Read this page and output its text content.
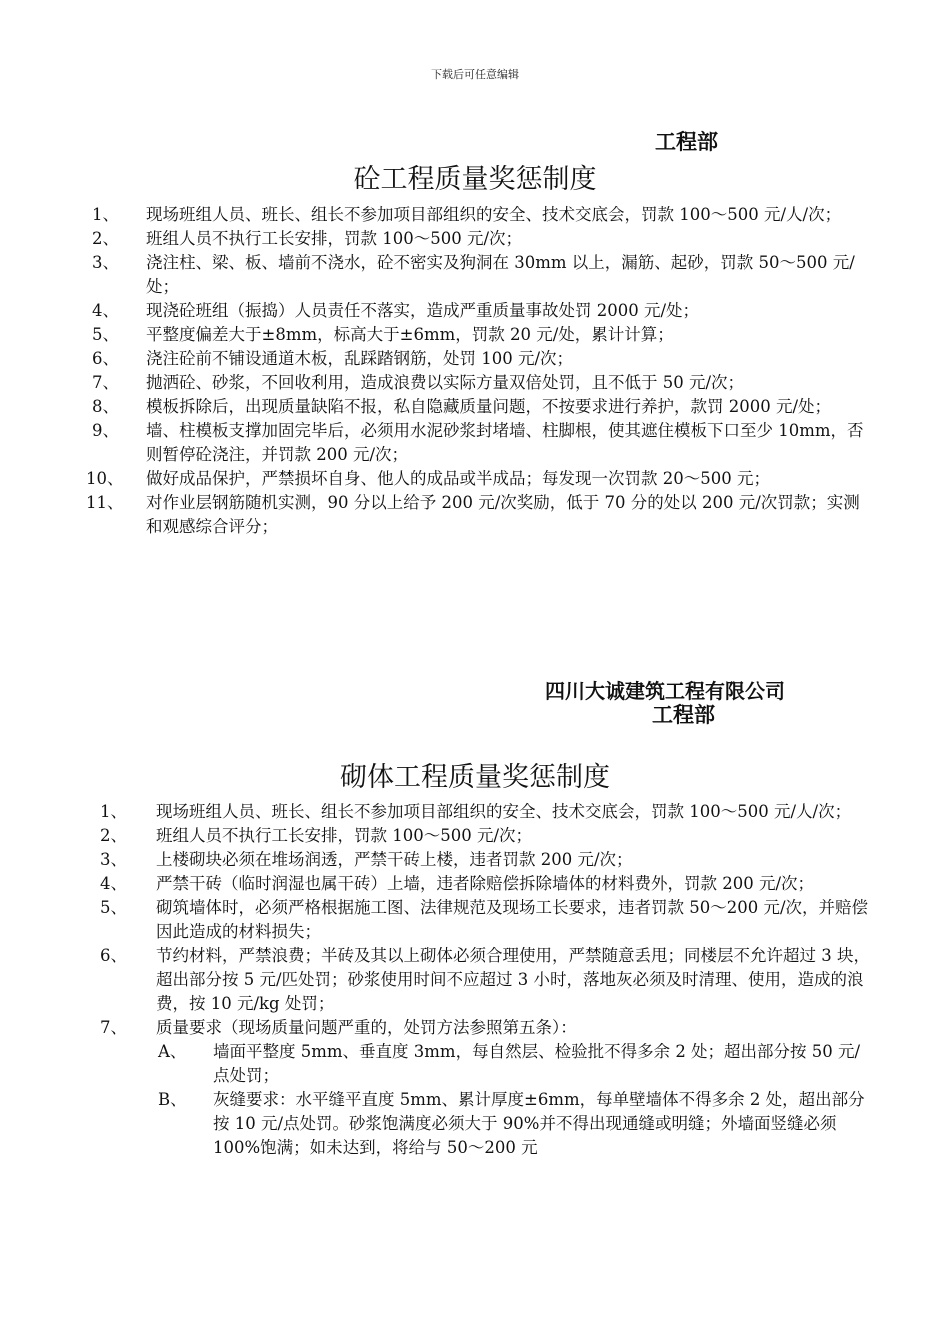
下载后可任意编辑
工程部
砼工程质量奖惩制度
1、 现场班组人员、班长、组长不参加项目部组织的安全、技术交底会，罚款 100～500 元/人/次；
2、 班组人员不执行工长安排，罚款 100～500 元/次；
3、 浇注柱、梁、板、墙前不浇水，砼不密实及狗洞在 30mm 以上，漏筋、起砂，罚款 50～500 元/处；
4、 现浇砼班组（振捣）人员责任不落实，造成严重质量事故处罚 2000 元/处；
5、 平整度偏差大于±8mm，标高大于±6mm，罚款 20 元/处，累计计算；
6、 浇注砼前不铺设通道木板，乱踩踏钢筋，处罚 100 元/次；
7、 抛洒砼、砂浆，不回收利用，造成浪费以实际方量双倍处罚，且不低于 50 元/次；
8、 模板拆除后，出现质量缺陷不报，私自隐藏质量问题，不按要求进行养护，款罚 2000 元/处；
9、 墙、柱模板支撑加固完毕后，必须用水泥砂浆封堵墙、柱脚根，使其遮住模板下口至少 10mm，否则暂停砼浇注，并罚款 200 元/次；
10、 做好成品保护，严禁损坏自身、他人的成品或半成品；每发现一次罚款 20～500 元；
11、 对作业层钢筋随机实测，90 分以上给予 200 元/次奖励，低于 70 分的处以 200 元/次罚款；实测和观感综合评分；
四川大诚建筑工程有限公司
工程部
砌体工程质量奖惩制度
1、 现场班组人员、班长、组长不参加项目部组织的安全、技术交底会，罚款 100～500 元/人/次；
2、 班组人员不执行工长安排，罚款 100～500 元/次；
3、 上楼砌块必须在堆场润透，严禁干砖上楼，违者罚款 200 元/次；
4、 严禁干砖（临时润湿也属干砖）上墙，违者除赔偿拆除墙体的材料费外，罚款 200 元/次；
5、 砌筑墙体时，必须严格根据施工图、法律规范及现场工长要求，违者罚款 50～200 元/次，并赔偿因此造成的材料损失；
6、 节约材料，严禁浪费；半砖及其以上砌体必须合理使用，严禁随意丢甩；同楼层不允许超过 3 块，超出部分按 5 元/匹处罚；砂浆使用时间不应超过 3 小时，落地灰必须及时清理、使用，造成的浪费，按 10 元/kg 处罚；
7、 质量要求（现场质量问题严重的，处罚方法参照第五条）：
A、 墙面平整度 5mm、垂直度 3mm，每自然层、检验批不得多余 2 处；超出部分按 50 元/点处罚；
B、 灰缝要求：水平缝平直度 5mm、累计厚度±6mm，每单壁墙体不得多余 2 处，超出部分按 10 元/点处罚。砂浆饱满度必须大于 90%并不得出现通缝或明缝；外墙面竖缝必须 100%饱满；如未达到，将给与 50～200 元
